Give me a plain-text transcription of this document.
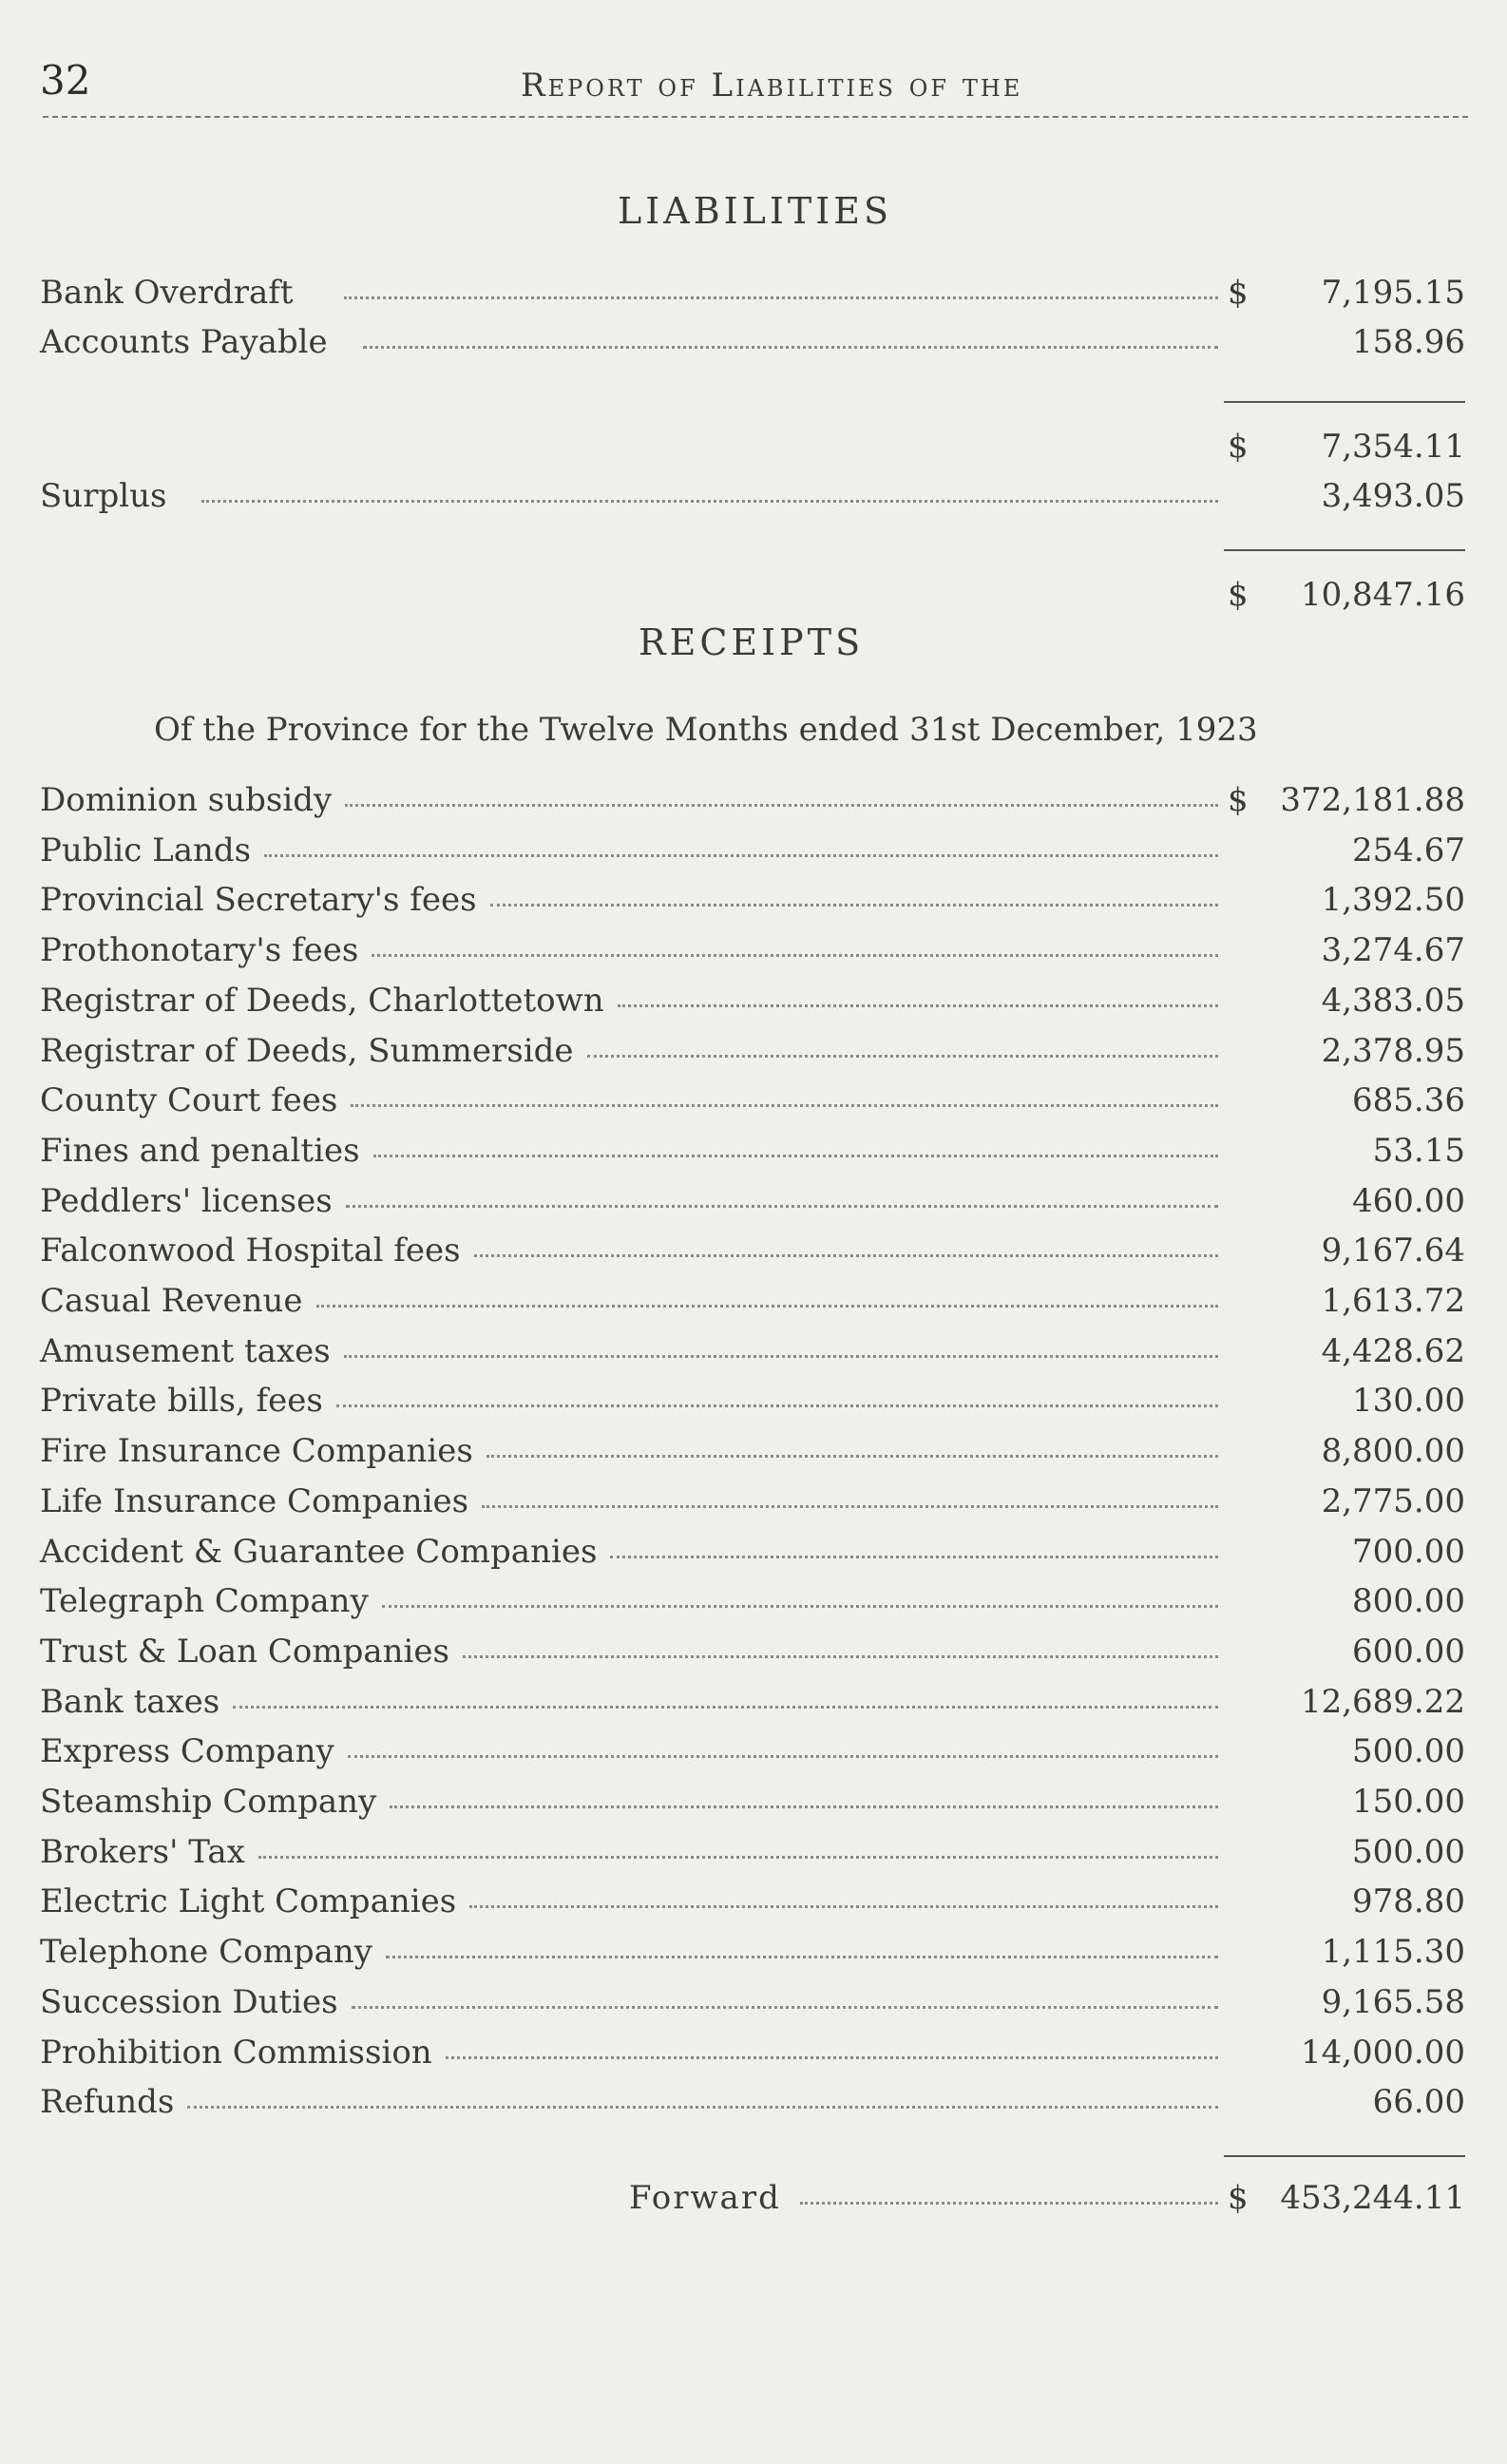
32	Report of Liabilities of the
LIABILITIES
Bank Overdraft	$ 7,195.15
Accounts Payable	158.96
$ 7,354.11
Surplus	3,493.05
$ 10,847.16
RECEIPTS
Of the Province for the Twelve Months ended 31st December, 1923
Dominion subsidy	$ 372,181.88
Public Lands	254.67
Provincial Secretary's fees	1,392.50
Prothonotary's fees	3,274.67
Registrar of Deeds, Charlottetown	4,383.05
Registrar of Deeds, Summerside	2,378.95
County Court fees	685.36
Fines and penalties	53.15
Peddlers' licenses	460.00
Falconwood Hospital fees	9,167.64
Casual Revenue	1,613.72
Amusement taxes	4,428.62
Private bills, fees	130.00
Fire Insurance Companies	8,800.00
Life Insurance Companies	2,775.00
Accident & Guarantee Companies	700.00
Telegraph Company	800.00
Trust & Loan Companies	600.00
Bank taxes	12,689.22
Express Company	500.00
Steamship Company	150.00
Brokers' Tax	500.00
Electric Light Companies	978.80
Telephone Company	1,115.30
Succession Duties	9,165.58
Prohibition Commission	14,000.00
Refunds	66.00
Forward	$ 453,244.11
